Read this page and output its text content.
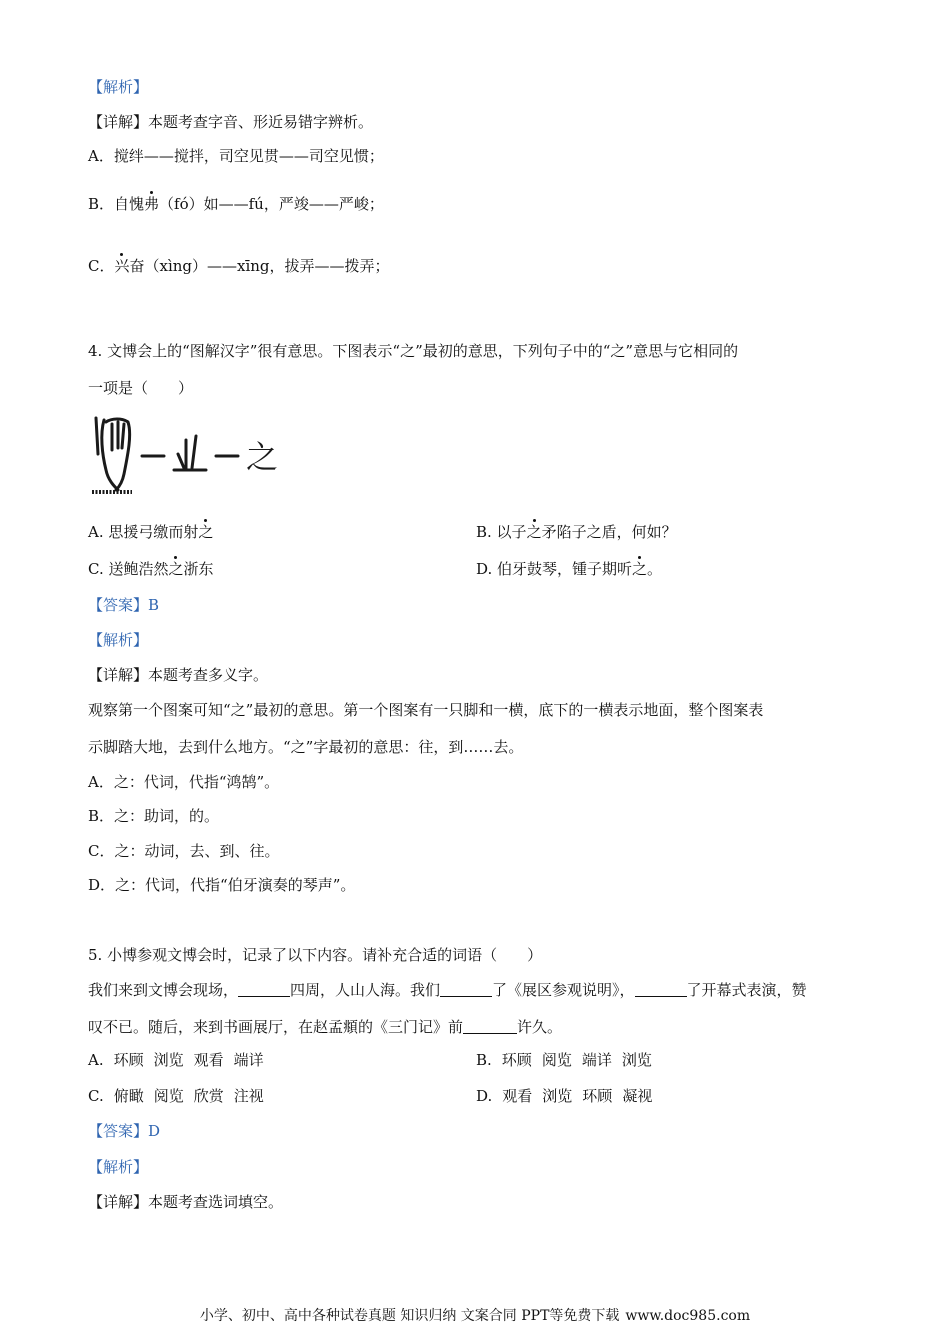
【解析】
【详解】本题考查字音、形近易错字辨析。
A．搅绊——搅拌，司空见贯——司空见惯；
B．自愧弗（fó）如——fú，严竣——严峻；
C．兴奋（xìng）——xīng，拔弄——拨弄；
4. 文博会上的“图解汉字”很有意思。下图表示“之”最初的意思，下列句子中的“之”意思与它相同的
一项是（　　）
之
A. 思援弓缴而射之	B. 以子之矛陷子之盾，何如？
C. 送鲍浩然之浙东	D. 伯牙鼓琴，锺子期听之。
【答案】B
【解析】
【详解】本题考查多义字。
观察第一个图案可知“之”最初的意思。第一个图案有一只脚和一横，底下的一横表示地面，整个图案表
示脚踏大地，去到什么地方。“之”字最初的意思：往，到……去。
A．之：代词，代指“鸿鹄”。
B．之：助词，的。
C．之：动词，去、到、往。
D．之：代词，代指“伯牙演奏的琴声”。
5. 小博参观文博会时，记录了以下内容。请补充合适的词语（　　）
我们来到文博会现场，	四周，人山人海。我们	了《展区参观说明》，	了开幕式表演，赞
叹不已。随后，来到书画展厅，在赵孟頫的《三门记》前	许久。
A. 环顾 浏览 观看 端详	B. 环顾 阅览 端详 浏览
C. 俯瞰 阅览 欣赏 注视	D. 观看 浏览 环顾 凝视
【答案】D
【解析】
【详解】本题考查选词填空。
小学、初中、高中各种试卷真题 知识归纳 文案合同 PPT等免费下载 www.doc985.com
